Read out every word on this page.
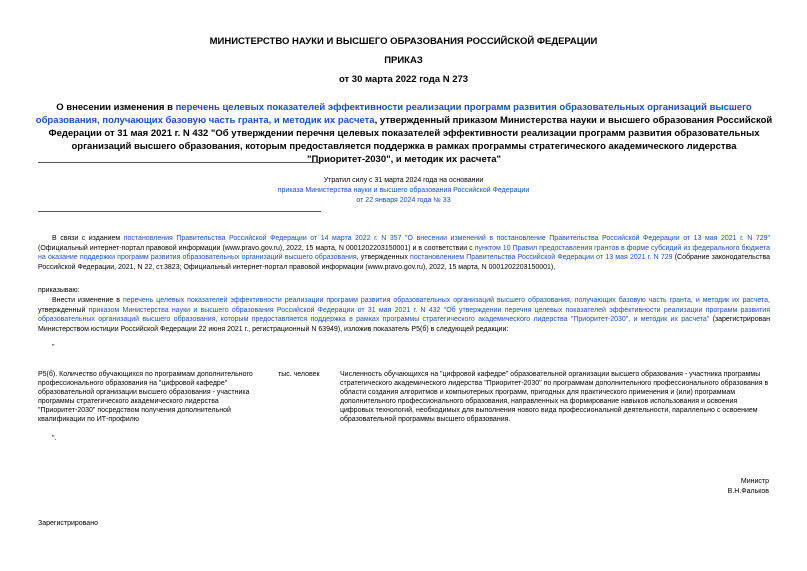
МИНИСТЕРСТВО НАУКИ И ВЫСШЕГО ОБРАЗОВАНИЯ РОССИЙСКОЙ ФЕДЕРАЦИИ
ПРИКАЗ
от 30 марта 2022 года N 273
О внесении изменения в перечень целевых показателей эффективности реализации программ развития образовательных организаций высшего образования, получающих базовую часть гранта, и методик их расчета, утвержденный приказом Министерства науки и высшего образования Российской Федерации от 31 мая 2021 г. N 432 "Об утверждении перечня целевых показателей эффективности реализации программ развития образовательных организаций высшего образования, которым предоставляется поддержка в рамках программы стратегического академического лидерства "Приоритет-2030", и методик их расчета"
Утратил силу с 31 марта 2024 года на основании
приказа Министерства науки и высшего образования Российской Федерации
от 22 января 2024 года № 33
В связи с изданием постановления Правительства Российской Федерации от 14 марта 2022 г. N 357 "О внесении изменений в постановление Правительства Российской Федерации от 13 мая 2021 г. N 729" (Официальный интернет-портал правовой информации (www.pravo.gov.ru), 2022, 15 марта, N 0001202203150001) и в соответствии с пунктом 10 Правил предоставления грантов в форме субсидий из федерального бюджета на оказание поддержки программ развития образовательных организаций высшего образования, утвержденных постановлением Правительства Российской Федерации от 13 мая 2021 г. N 729 (Собрание законодательства Российской Федерации, 2021, N 22, ст.3823; Официальный интернет-портал правовой информации (www.pravo.gov.ru), 2022, 15 марта, N 0001202203150001),
приказываю:
Внести изменение в перечень целевых показателей эффективности реализации программ развития образовательных организаций высшего образования, получающих базовую часть гранта, и методик их расчета, утвержденный приказом Министерства науки и высшего образования Российской Федерации от 31 мая 2021 г. N 432 "Об утверждении перечня целевых показателей эффективности реализации программ развития образовательных организаций высшего образования, которым предоставляется поддержка в рамках программы стратегического академического лидерства "Приоритет-2030", и методик их расчета" (зарегистрирован Министерством юстиции Российской Федерации 22 июня 2021 г., регистрационный N 63949), изложив показатель Р5(б) в следующей редакции:
"
Р5(б). Количество обучающихся по программам дополнительного профессионального образования на "цифровой кафедре" образовательной организации высшего образования - участника программы стратегического академического лидерства "Приоритет-2030" посредством получения дополнительной квалификации по ИТ-профилю
тыс. человек	Численность обучающихся на "цифровой кафедре" образовательной организации высшего образования - участника программы стратегического академического лидерства "Приоритет-2030" по программам дополнительного профессионального образования в области создания алгоритмов и компьютерных программ, пригодных для практического применения и (или) программам дополнительного профессионального образования, направленных на формирование навыков использования и освоения цифровых технологий, необходимых для выполнения нового вида профессиональной деятельности, параллельно с освоением образовательной программы высшего образования.
".
Министр
В.Н.Фальков
Зарегистрировано
